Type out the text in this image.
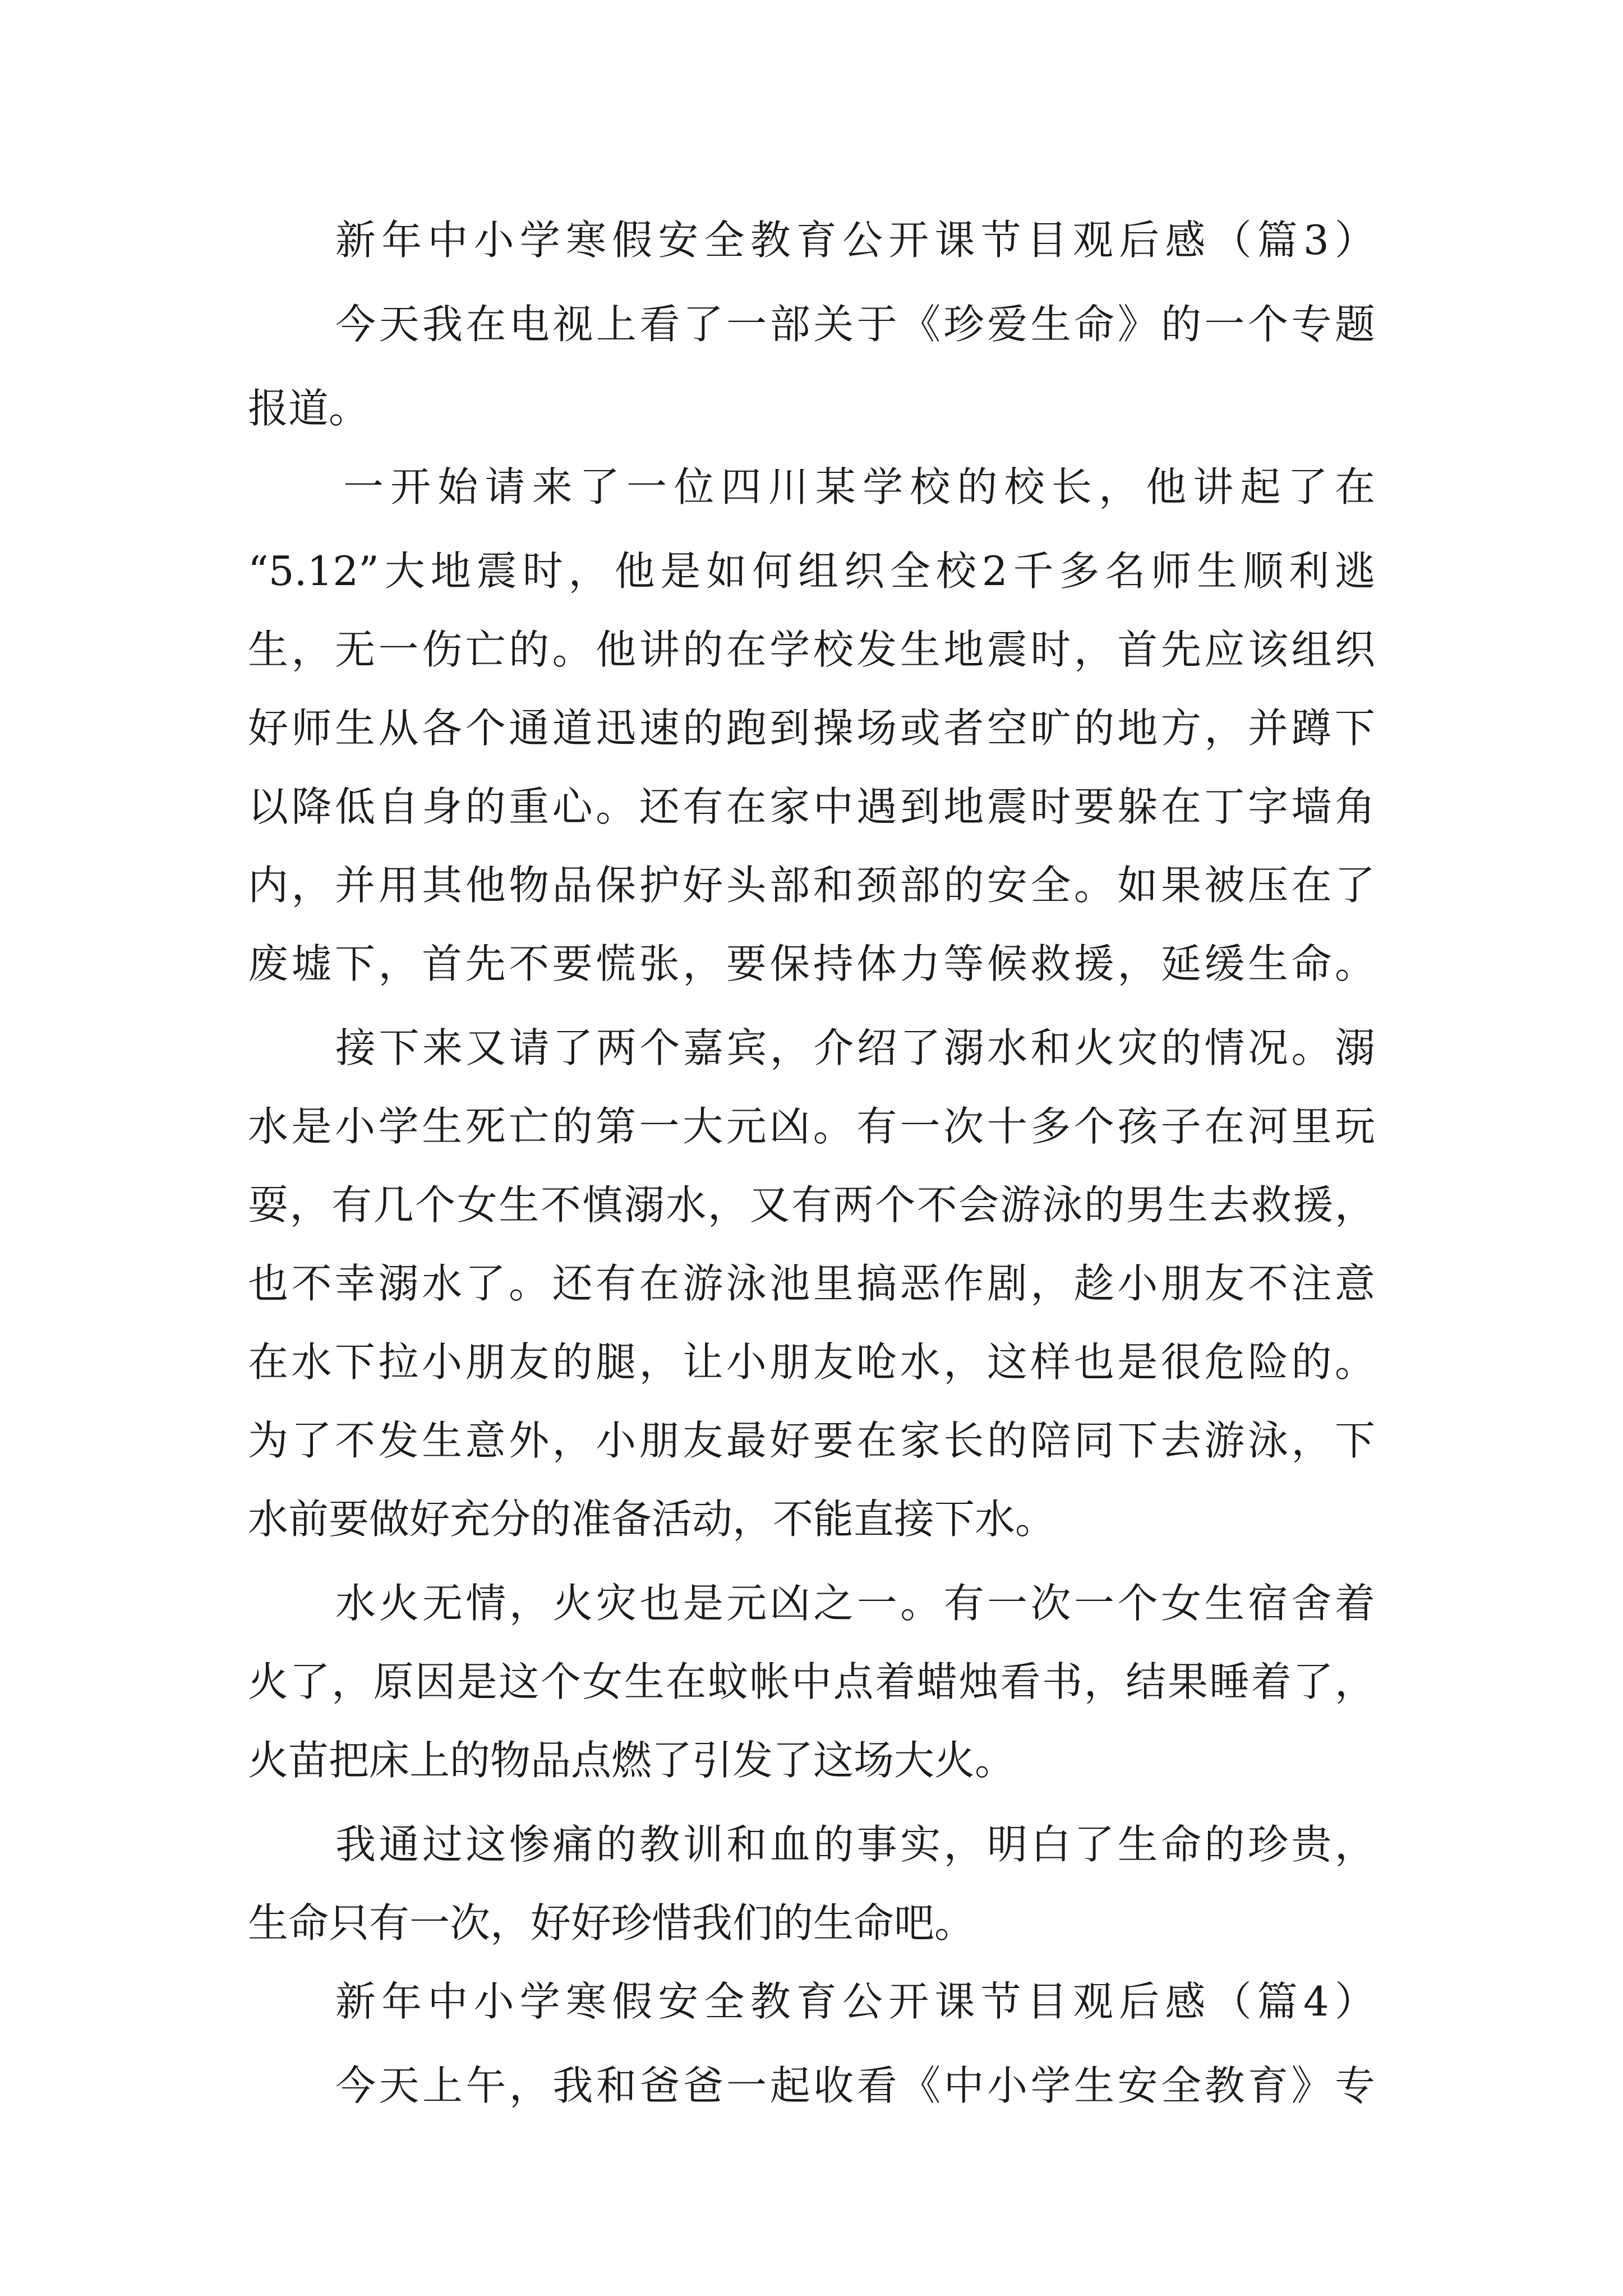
新年中小学寒假安全教育公开课节目观后感（篇3）
今天我在电视上看了一部关于《珍爱生命》的一个专题
报道。
一开始请来了一位四川某学校的校长，他讲起了在
“5.12”大地震时，他是如何组织全校2千多名师生顺利逃
生，无一伤亡的。他讲的在学校发生地震时，首先应该组织
好师生从各个通道迅速的跑到操场或者空旷的地方，并蹲下
以降低自身的重心。还有在家中遇到地震时要躲在丁字墙角
内，并用其他物品保护好头部和颈部的安全。如果被压在了
废墟下，首先不要慌张，要保持体力等候救援，延缓生命。
接下来又请了两个嘉宾，介绍了溺水和火灾的情况。溺
水是小学生死亡的第一大元凶。有一次十多个孩子在河里玩
耍，有几个女生不慎溺水，又有两个不会游泳的男生去救援，
也不幸溺水了。还有在游泳池里搞恶作剧，趁小朋友不注意
在水下拉小朋友的腿，让小朋友呛水，这样也是很危险的。
为了不发生意外，小朋友最好要在家长的陪同下去游泳，下
水前要做好充分的准备活动，不能直接下水。
水火无情，火灾也是元凶之一。有一次一个女生宿舍着
火了，原因是这个女生在蚊帐中点着蜡烛看书，结果睡着了，
火苗把床上的物品点燃了引发了这场大火。
我通过这惨痛的教训和血的事实，明白了生命的珍贵，
生命只有一次，好好珍惜我们的生命吧。
新年中小学寒假安全教育公开课节目观后感（篇4）
今天上午，我和爸爸一起收看《中小学生安全教育》专
